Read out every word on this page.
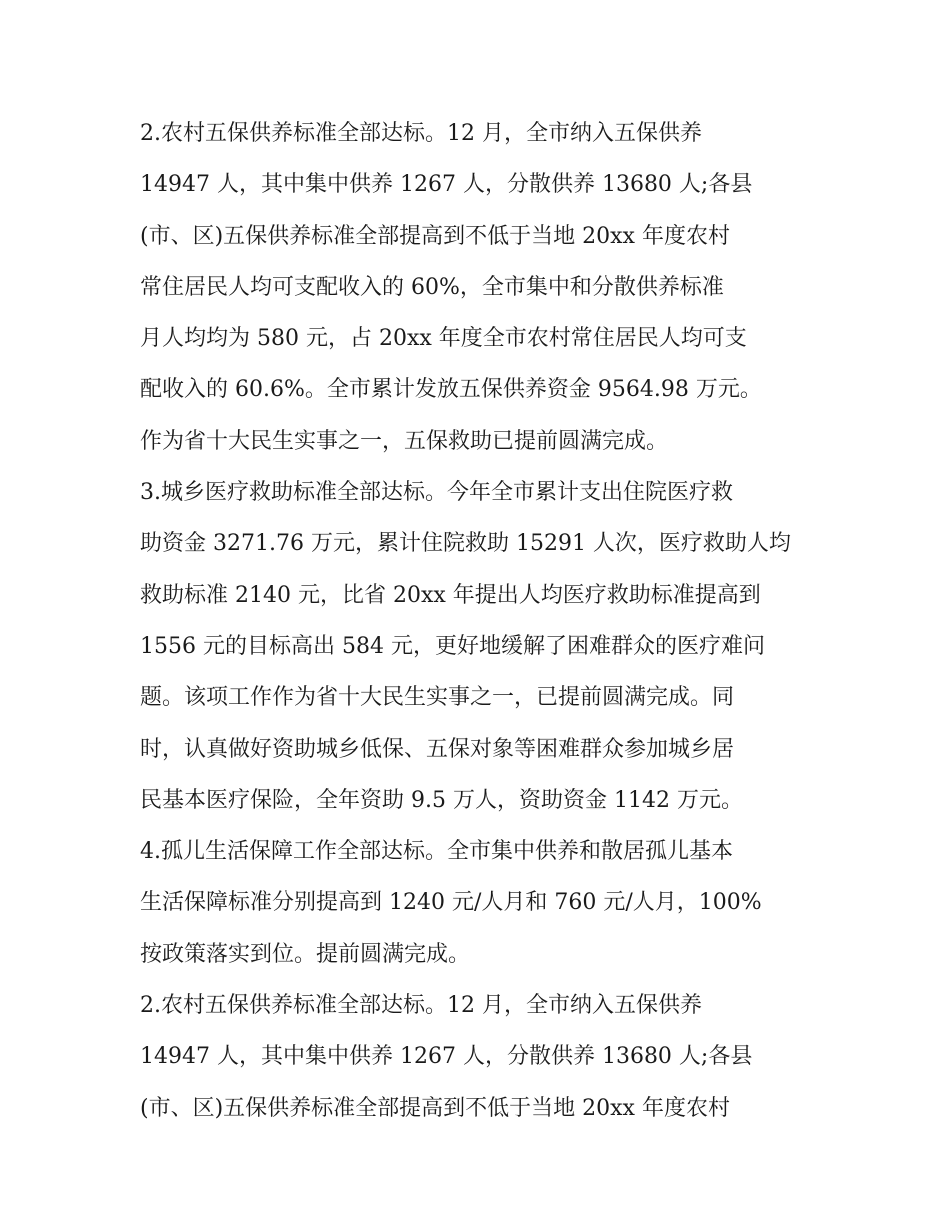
2.农村五保供养标准全部达标。12 月，全市纳入五保供养
14947 人，其中集中供养 1267 人，分散供养 13680 人;各县
(市、区)五保供养标准全部提高到不低于当地 20xx 年度农村
常住居民人均可支配收入的 60%，全市集中和分散供养标准
月人均均为 580 元，占 20xx 年度全市农村常住居民人均可支
配收入的 60.6%。全市累计发放五保供养资金 9564.98 万元。
作为省十大民生实事之一，五保救助已提前圆满完成。
3.城乡医疗救助标准全部达标。今年全市累计支出住院医疗救
助资金 3271.76 万元，累计住院救助 15291 人次，医疗救助人均
救助标准 2140 元，比省 20xx 年提出人均医疗救助标准提高到
1556 元的目标高出 584 元，更好地缓解了困难群众的医疗难问
题。该项工作作为省十大民生实事之一，已提前圆满完成。同
时，认真做好资助城乡低保、五保对象等困难群众参加城乡居
民基本医疗保险，全年资助 9.5 万人，资助资金 1142 万元。
4.孤儿生活保障工作全部达标。全市集中供养和散居孤儿基本
生活保障标准分别提高到 1240 元/人月和 760 元/人月，100%
按政策落实到位。提前圆满完成。
2.农村五保供养标准全部达标。12 月，全市纳入五保供养
14947 人，其中集中供养 1267 人，分散供养 13680 人;各县
(市、区)五保供养标准全部提高到不低于当地 20xx 年度农村
